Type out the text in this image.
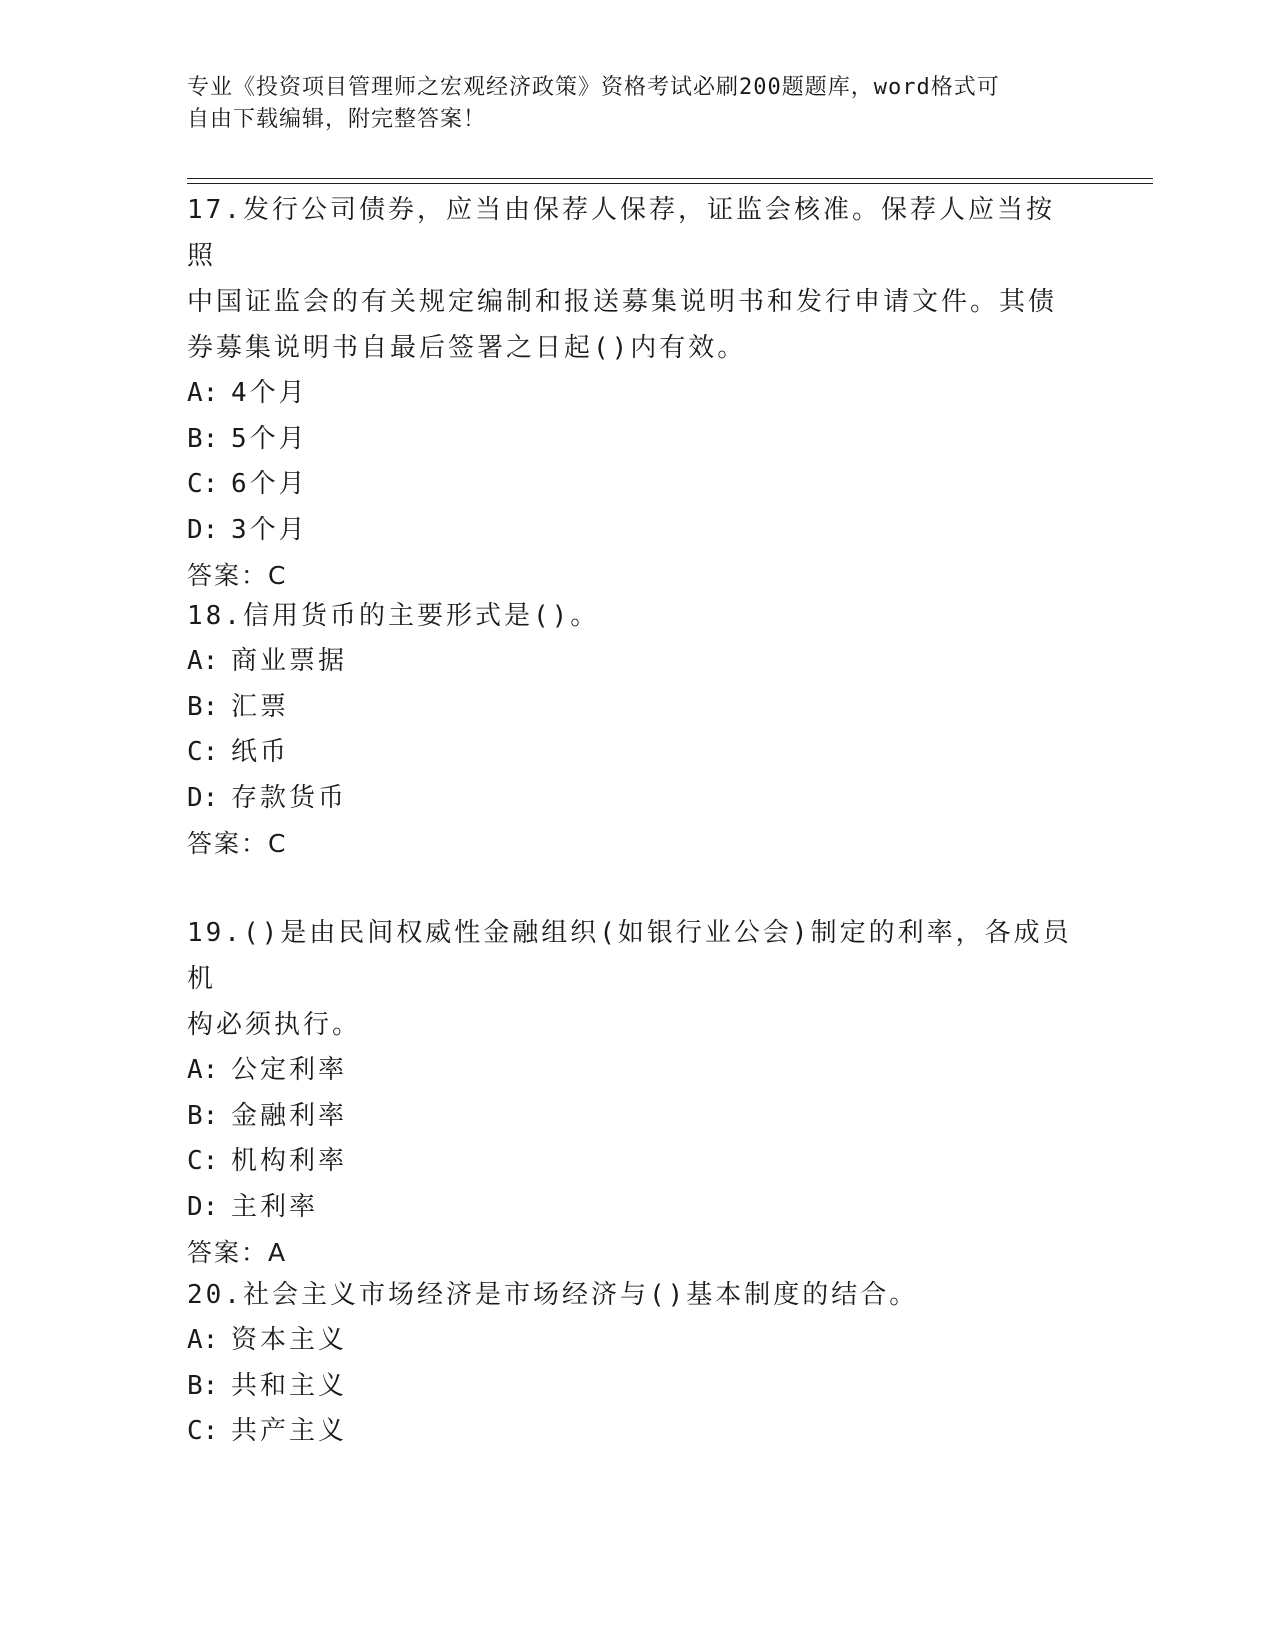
专业《投资项目管理师之宏观经济政策》资格考试必刷200题题库，word格式可
自由下载编辑，附完整答案！

17.发行公司债券，应当由保荐人保荐，证监会核准。保荐人应当按照

中国证监会的有关规定编制和报送募集说明书和发行申请文件。其债

券募集说明书自最后签署之日起()内有效。

A: 4个月

B: 5个月

C: 6个月

D: 3个月

答案：C

18.信用货币的主要形式是()。

A: 商业票据

B: 汇票

C: 纸币

D: 存款货币

答案：C

19.()是由民间权威性金融组织(如银行业公会)制定的利率，各成员机

构必须执行。

A: 公定利率

B: 金融利率

C: 机构利率

D: 主利率

答案：A

20.社会主义市场经济是市场经济与()基本制度的结合。

A: 资本主义

B: 共和主义

C: 共产主义
